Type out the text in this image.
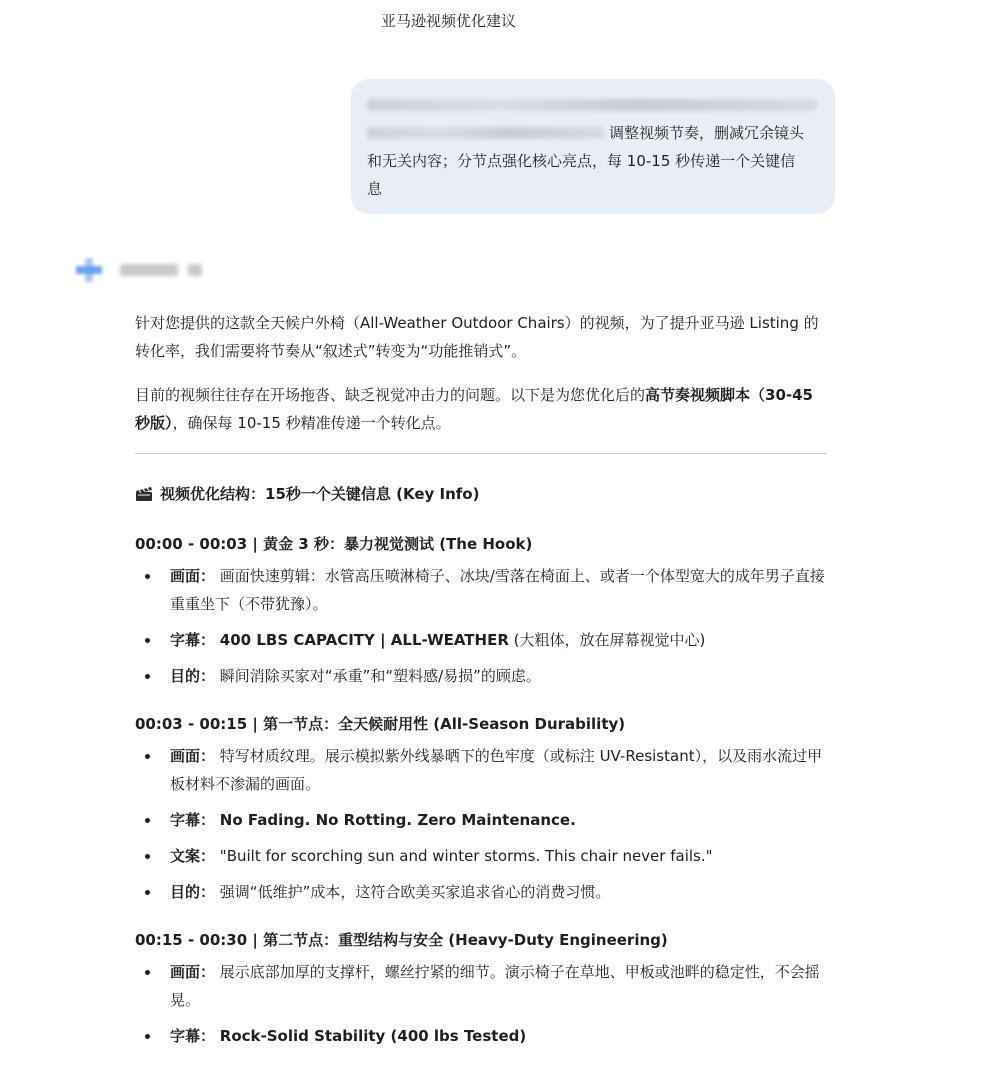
亚马逊视频优化建议
调整视频节奏，删减冗余镜头
和无关内容；分节点强化核心亮点，每 10-15 秒传递一个关键信
息

针对您提供的这款全天候户外椅（All-Weather Outdoor Chairs）的视频，为了提升亚马逊 Listing 的转化率，我们需要将节奏从“叙述式”转变为“功能推销式”。

目前的视频往往存在开场拖沓、缺乏视觉冲击力的问题。以下是为您优化后的高节奏视频脚本（30-45秒版），确保每 10-15 秒精准传递一个转化点。

视频优化结构：15秒一个关键信息 (Key Info)
00:00 - 00:03 | 黄金 3 秒：暴力视觉测试 (The Hook)
画面： 画面快速剪辑：水管高压喷淋椅子、冰块/雪落在椅面上、或者一个体型宽大的成年男子直接重重坐下（不带犹豫）。
字幕： 400 LBS CAPACITY | ALL-WEATHER (大粗体，放在屏幕视觉中心)
目的： 瞬间消除买家对“承重”和“塑料感/易损”的顾虑。
00:03 - 00:15 | 第一节点：全天候耐用性 (All-Season Durability)
画面： 特写材质纹理。展示模拟紫外线暴晒下的色牢度（或标注 UV-Resistant），以及雨水流过甲板材料不渗漏的画面。
字幕： No Fading. No Rotting. Zero Maintenance.
文案： "Built for scorching sun and winter storms. This chair never fails."
目的： 强调“低维护”成本，这符合欧美买家追求省心的消费习惯。
00:15 - 00:30 | 第二节点：重型结构与安全 (Heavy-Duty Engineering)
画面： 展示底部加厚的支撑杆，螺丝拧紧的细节。演示椅子在草地、甲板或池畔的稳定性，不会摇晃。
字幕： Rock-Solid Stability (400 lbs Tested)
